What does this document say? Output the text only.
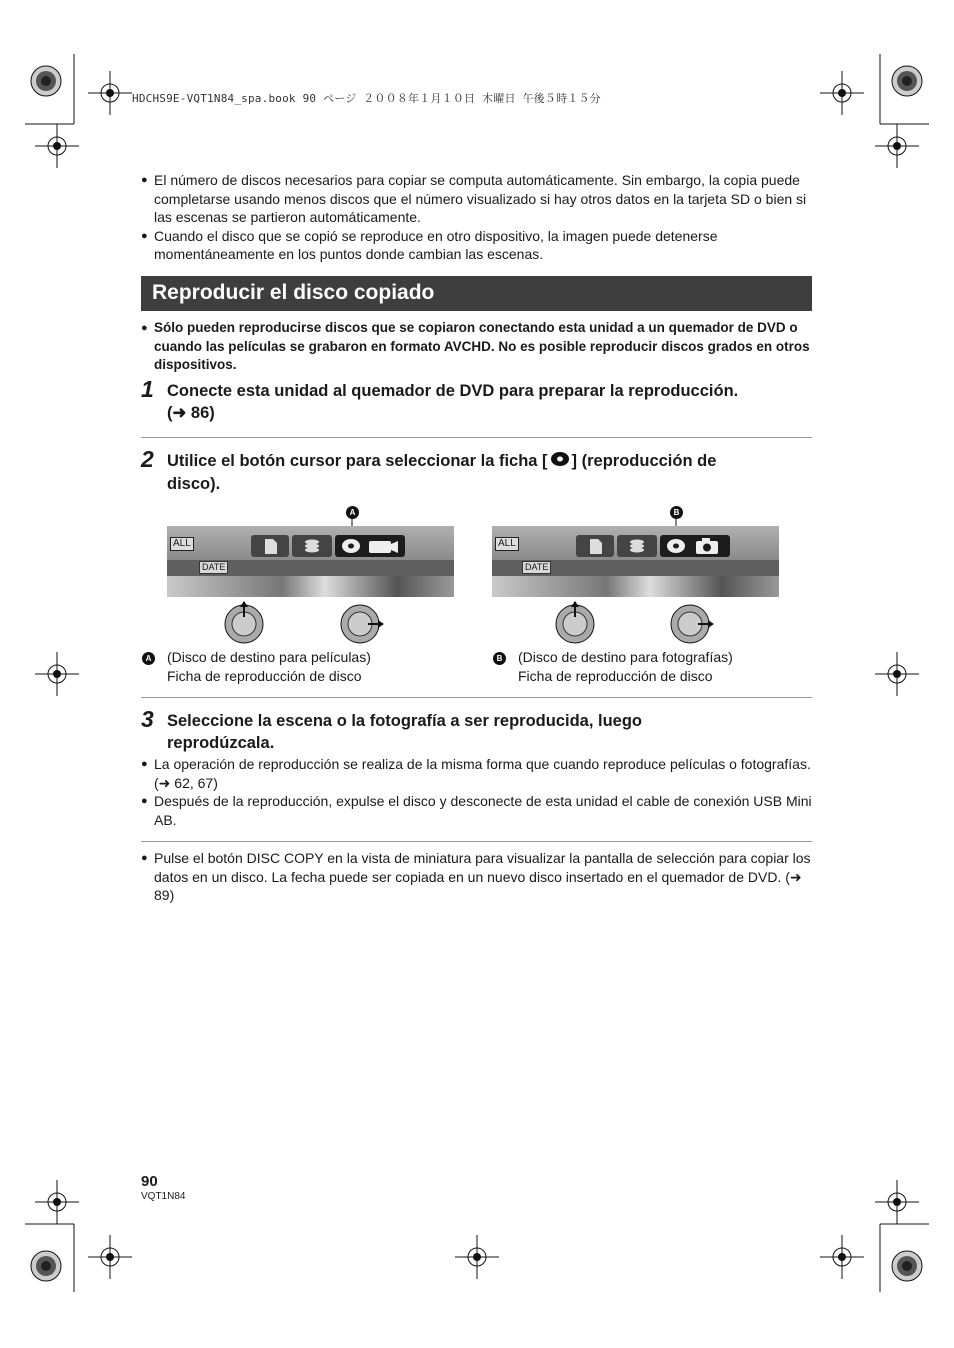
HDCHS9E-VQT1N84_spa.book 90 ページ ２００８年１月１０日 木曜日 午後５時１５分
● El número de discos necesarios para copiar se computa automáticamente. Sin embargo, la copia puede completarse usando menos discos que el número visualizado si hay otros datos en la tarjeta SD o bien si las escenas se partieron automáticamente.
● Cuando el disco que se copió se reproduce en otro dispositivo, la imagen puede detenerse momentáneamente en los puntos donde cambian las escenas.
Reproducir el disco copiado
● Sólo pueden reproducirse discos que se copiaron conectando esta unidad a un quemador de DVD o cuando las películas se grabaron en formato AVCHD. No es posible reproducir discos grados en otros dispositivos.
1 Conecte esta unidad al quemador de DVD para preparar la reproducción.
(➜ 86)
2 Utilice el botón cursor para seleccionar la ficha [ ] (reproducción de
disco).
A
ALL
DATE
B
ALL
DATE
A (Disco de destino para películas)
Ficha de reproducción de disco
B (Disco de destino para fotografías)
Ficha de reproducción de disco
3 Seleccione la escena o la fotografía a ser reproducida, luego
reprodúzcala.
● La operación de reproducción se realiza de la misma forma que cuando reproduce películas o fotografías. (➜ 62, 67)
● Después de la reproducción, expulse el disco y desconecte de esta unidad el cable de conexión USB Mini AB.
● Pulse el botón DISC COPY en la vista de miniatura para visualizar la pantalla de selección para copiar los datos en un disco. La fecha puede ser copiada en un nuevo disco insertado en el quemador de DVD. (➜ 89)
90
VQT1N84
